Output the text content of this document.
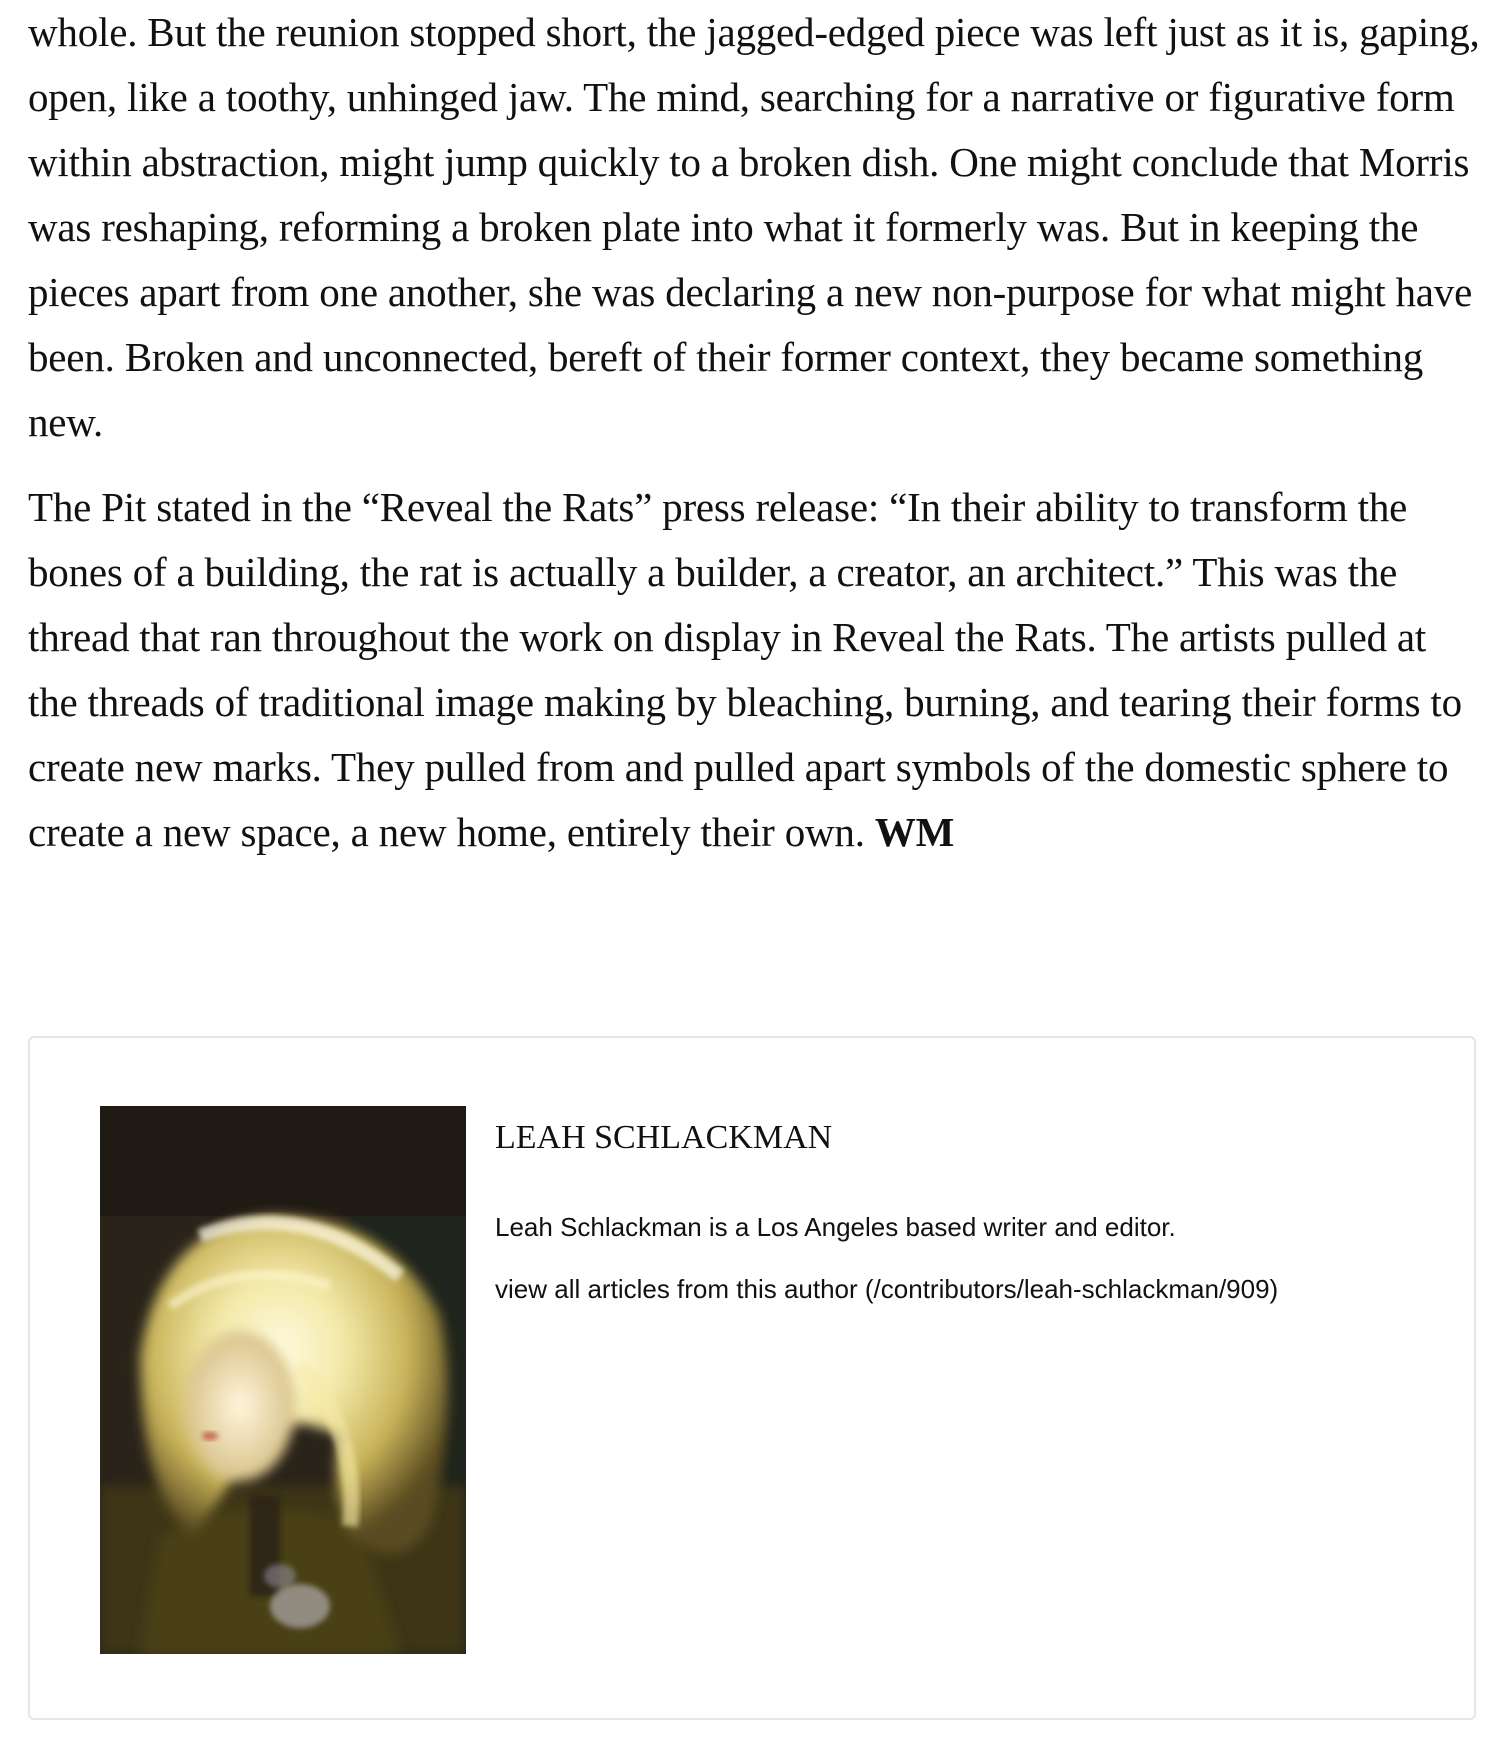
whole. But the reunion stopped short, the jagged-edged piece was left just as it is, gaping, open, like a toothy, unhinged jaw. The mind, searching for a narrative or figurative form within abstraction, might jump quickly to a broken dish. One might conclude that Morris was reshaping, reforming a broken plate into what it formerly was. But in keeping the pieces apart from one another, she was declaring a new non-purpose for what might have been. Broken and unconnected, bereft of their former context, they became something new.

The Pit stated in the “Reveal the Rats” press release: “In their ability to transform the bones of a building, the rat is actually a builder, a creator, an architect.” This was the thread that ran throughout the work on display in Reveal the Rats. The artists pulled at the threads of traditional image making by bleaching, burning, and tearing their forms to create new marks. They pulled from and pulled apart symbols of the domestic sphere to create a new space, a new home, entirely their own. WM

LEAH SCHLACKMAN

Leah Schlackman is a Los Angeles based writer and editor.

view all articles from this author (/contributors/leah-schlackman/909)
